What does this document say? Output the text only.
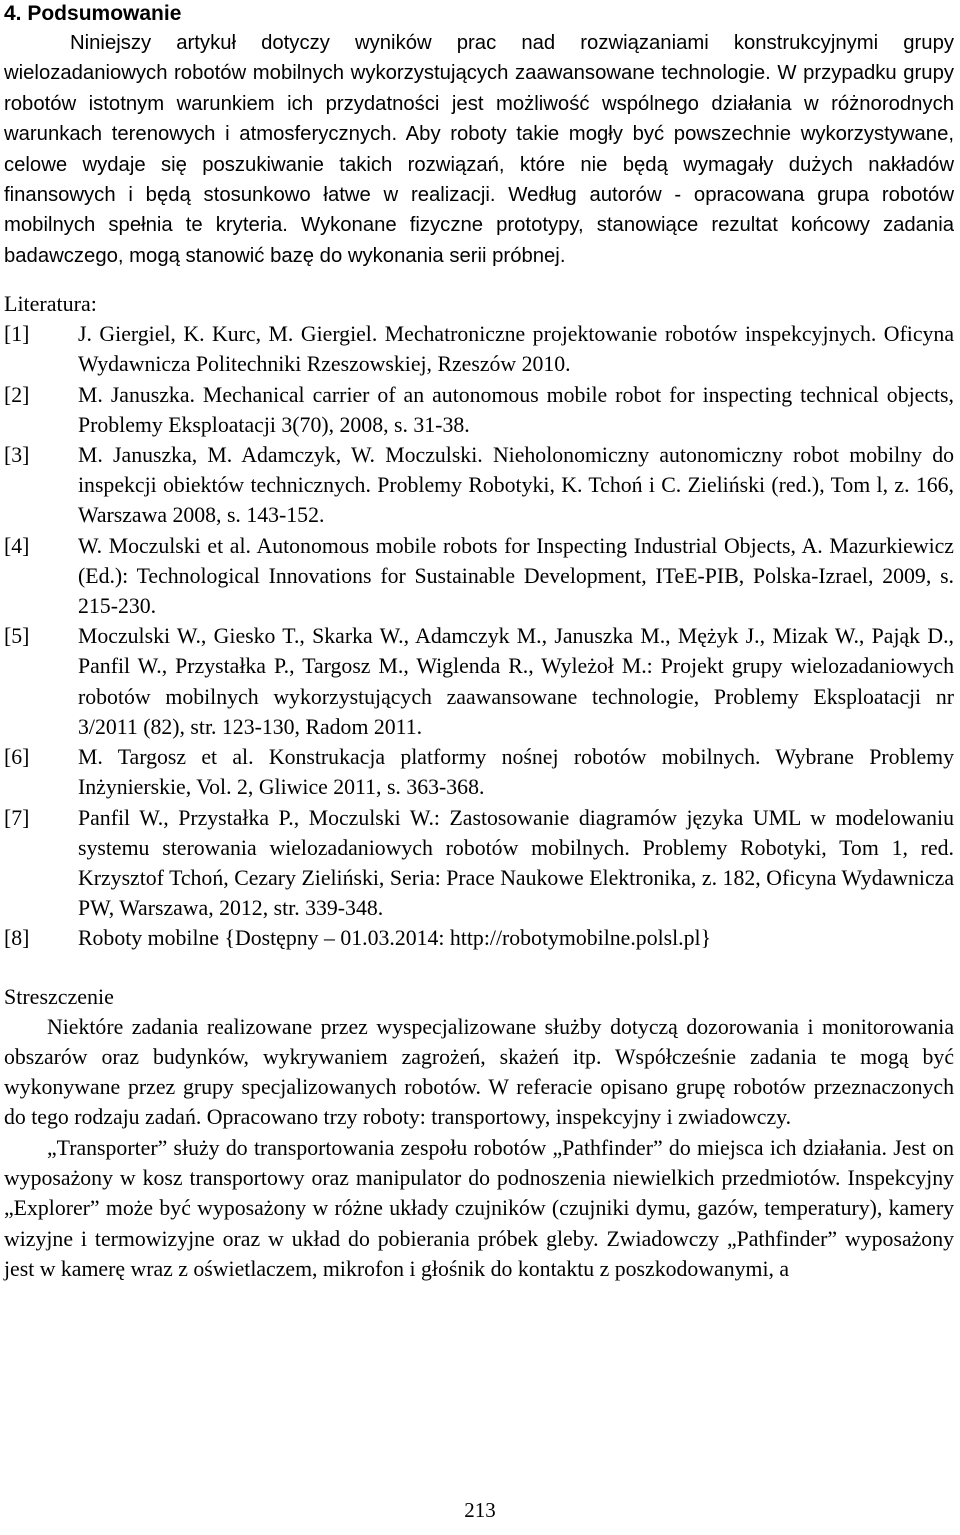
4. Podsumowanie

Niniejszy artykuł dotyczy wyników prac nad rozwiązaniami konstrukcyjnymi grupy wielozadaniowych robotów mobilnych wykorzystujących zaawansowane technologie. W przypadku grupy robotów istotnym warunkiem ich przydatności jest możliwość wspólnego działania w różnorodnych warunkach terenowych i atmosferycznych. Aby roboty takie mogły być powszechnie wykorzystywane, celowe wydaje się poszukiwanie takich rozwiązań, które nie będą wymagały dużych nakładów finansowych i będą stosunkowo łatwe w realizacji. Według autorów - opracowana grupa robotów mobilnych spełnia te kryteria. Wykonane fizyczne prototypy, stanowiące rezultat końcowy zadania badawczego, mogą stanowić bazę do wykonania serii próbnej.

Literatura:
[1] J. Giergiel, K. Kurc, M. Giergiel. Mechatroniczne projektowanie robotów inspekcyjnych. Oficyna Wydawnicza Politechniki Rzeszowskiej, Rzeszów 2010.
[2] M. Januszka. Mechanical carrier of an autonomous mobile robot for inspecting technical objects, Problemy Eksploatacji 3(70), 2008, s. 31-38.
[3] M. Januszka, M. Adamczyk, W. Moczulski. Nieholonomiczny autonomiczny robot mobilny do inspekcji obiektów technicznych. Problemy Robotyki, K. Tchoń i C. Zieliński (red.), Tom l, z. 166, Warszawa 2008, s. 143-152.
[4] W. Moczulski et al. Autonomous mobile robots for Inspecting Industrial Objects, A. Mazurkiewicz (Ed.): Technological Innovations for Sustainable Development, ITeE-PIB, Polska-Izrael, 2009, s. 215-230.
[5] Moczulski W., Giesko T., Skarka W., Adamczyk M., Januszka M., Mężyk J., Mizak W., Pająk D., Panfil W., Przystałka P., Targosz M., Wiglenda R., Wyleżoł M.: Projekt grupy wielozadaniowych robotów mobilnych wykorzystujących zaawansowane technologie, Problemy Eksploatacji nr 3/2011 (82), str. 123-130, Radom 2011.
[6] M. Targosz et al. Konstrukacja platformy nośnej robotów mobilnych. Wybrane Problemy Inżynierskie, Vol. 2, Gliwice 2011, s. 363-368.
[7] Panfil W., Przystałka P., Moczulski W.: Zastosowanie diagramów języka UML w modelowaniu systemu sterowania wielozadaniowych robotów mobilnych. Problemy Robotyki, Tom 1, red. Krzysztof Tchoń, Cezary Zieliński, Seria: Prace Naukowe Elektronika, z. 182, Oficyna Wydawnicza PW, Warszawa, 2012, str. 339-348.
[8] Roboty mobilne {Dostępny – 01.03.2014: http://robotymobilne.polsl.pl}
Streszczenie

Niektóre zadania realizowane przez wyspecjalizowane służby dotyczą dozorowania i monitorowania obszarów oraz budynków, wykrywaniem zagrożeń, skażeń itp. Współcześnie zadania te mogą być wykonywane przez grupy specjalizowanych robotów. W referacie opisano grupę robotów przeznaczonych do tego rodzaju zadań. Opracowano trzy roboty: transportowy, inspekcyjny i zwiadowczy.

„Transporter” służy do transportowania zespołu robotów „Pathfinder” do miejsca ich działania. Jest on wyposażony w kosz transportowy oraz manipulator do podnoszenia niewielkich przedmiotów. Inspekcyjny „Explorer” może być wyposażony w różne układy czujników (czujniki dymu, gazów, temperatury), kamery wizyjne i termowizyjne oraz w układ do pobierania próbek gleby. Zwiadowczy „Pathfinder” wyposażony jest w kamerę wraz z oświetlaczem, mikrofon i głośnik do kontaktu z poszkodowanymi, a

213
